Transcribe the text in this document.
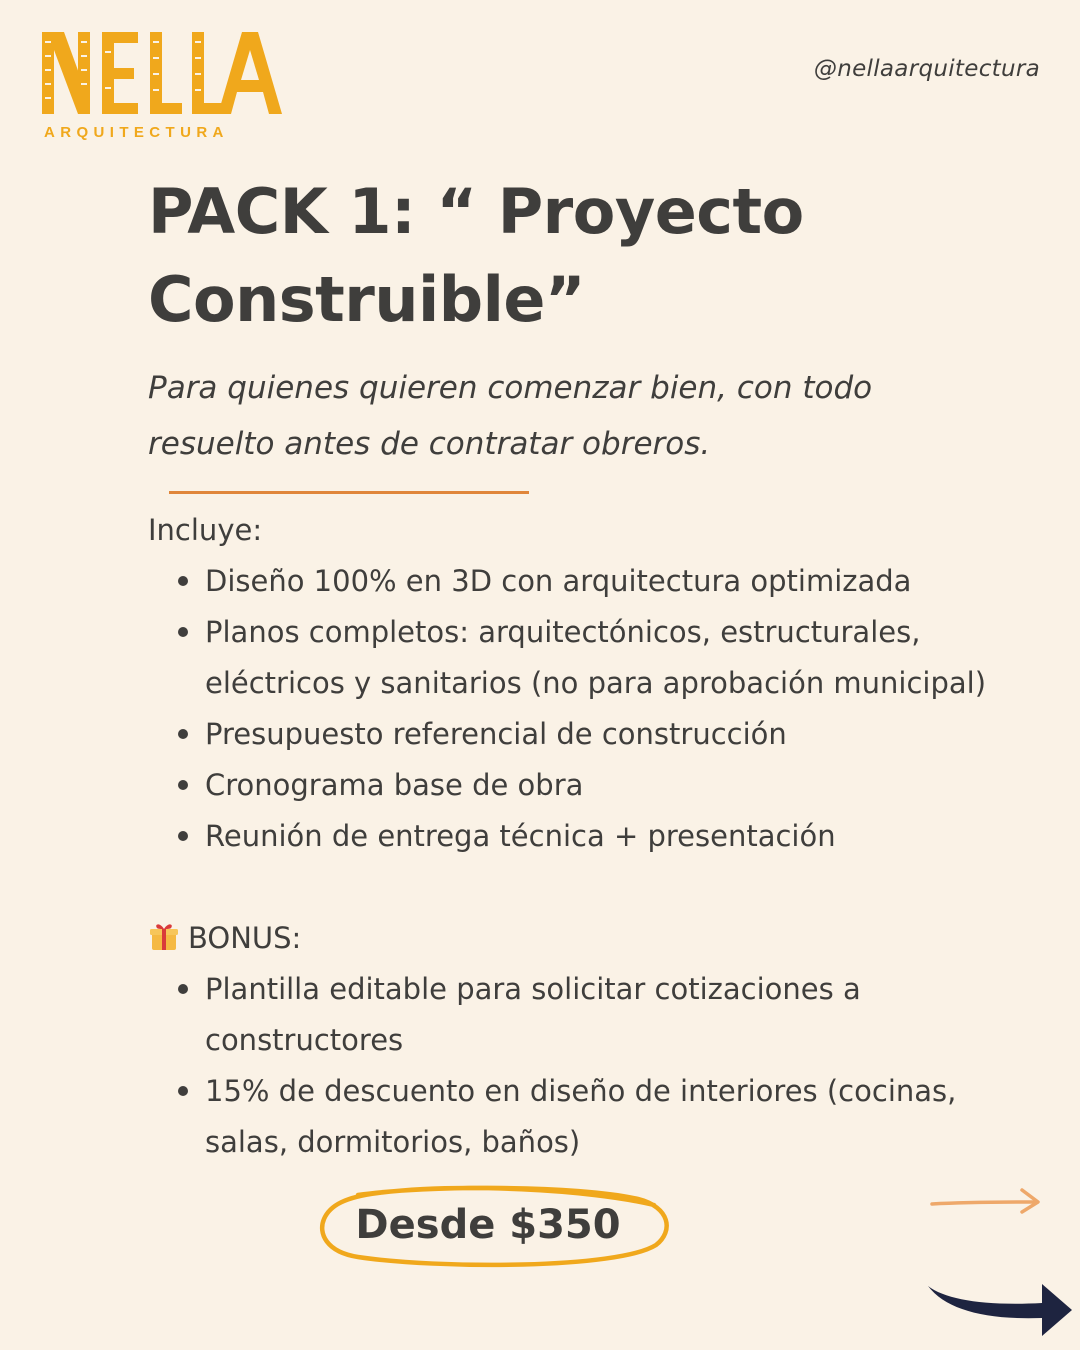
ARQUITECTURA
@nellaarquitectura
PACK 1: “ Proyecto Construible”

Para quienes quieren comenzar bien, con todo resuelto antes de contratar obreros.

Incluye:
Diseño 100% en 3D con arquitectura optimizada
Planos completos: arquitectónicos, estructurales, eléctricos y sanitarios (no para aprobación municipal)
Presupuesto referencial de construcción
Cronograma base de obra
Reunión de entrega técnica + presentación
BONUS:
Plantilla editable para solicitar cotizaciones a constructores
15% de descuento en diseño de interiores (cocinas, salas, dormitorios, baños)
Desde $350
